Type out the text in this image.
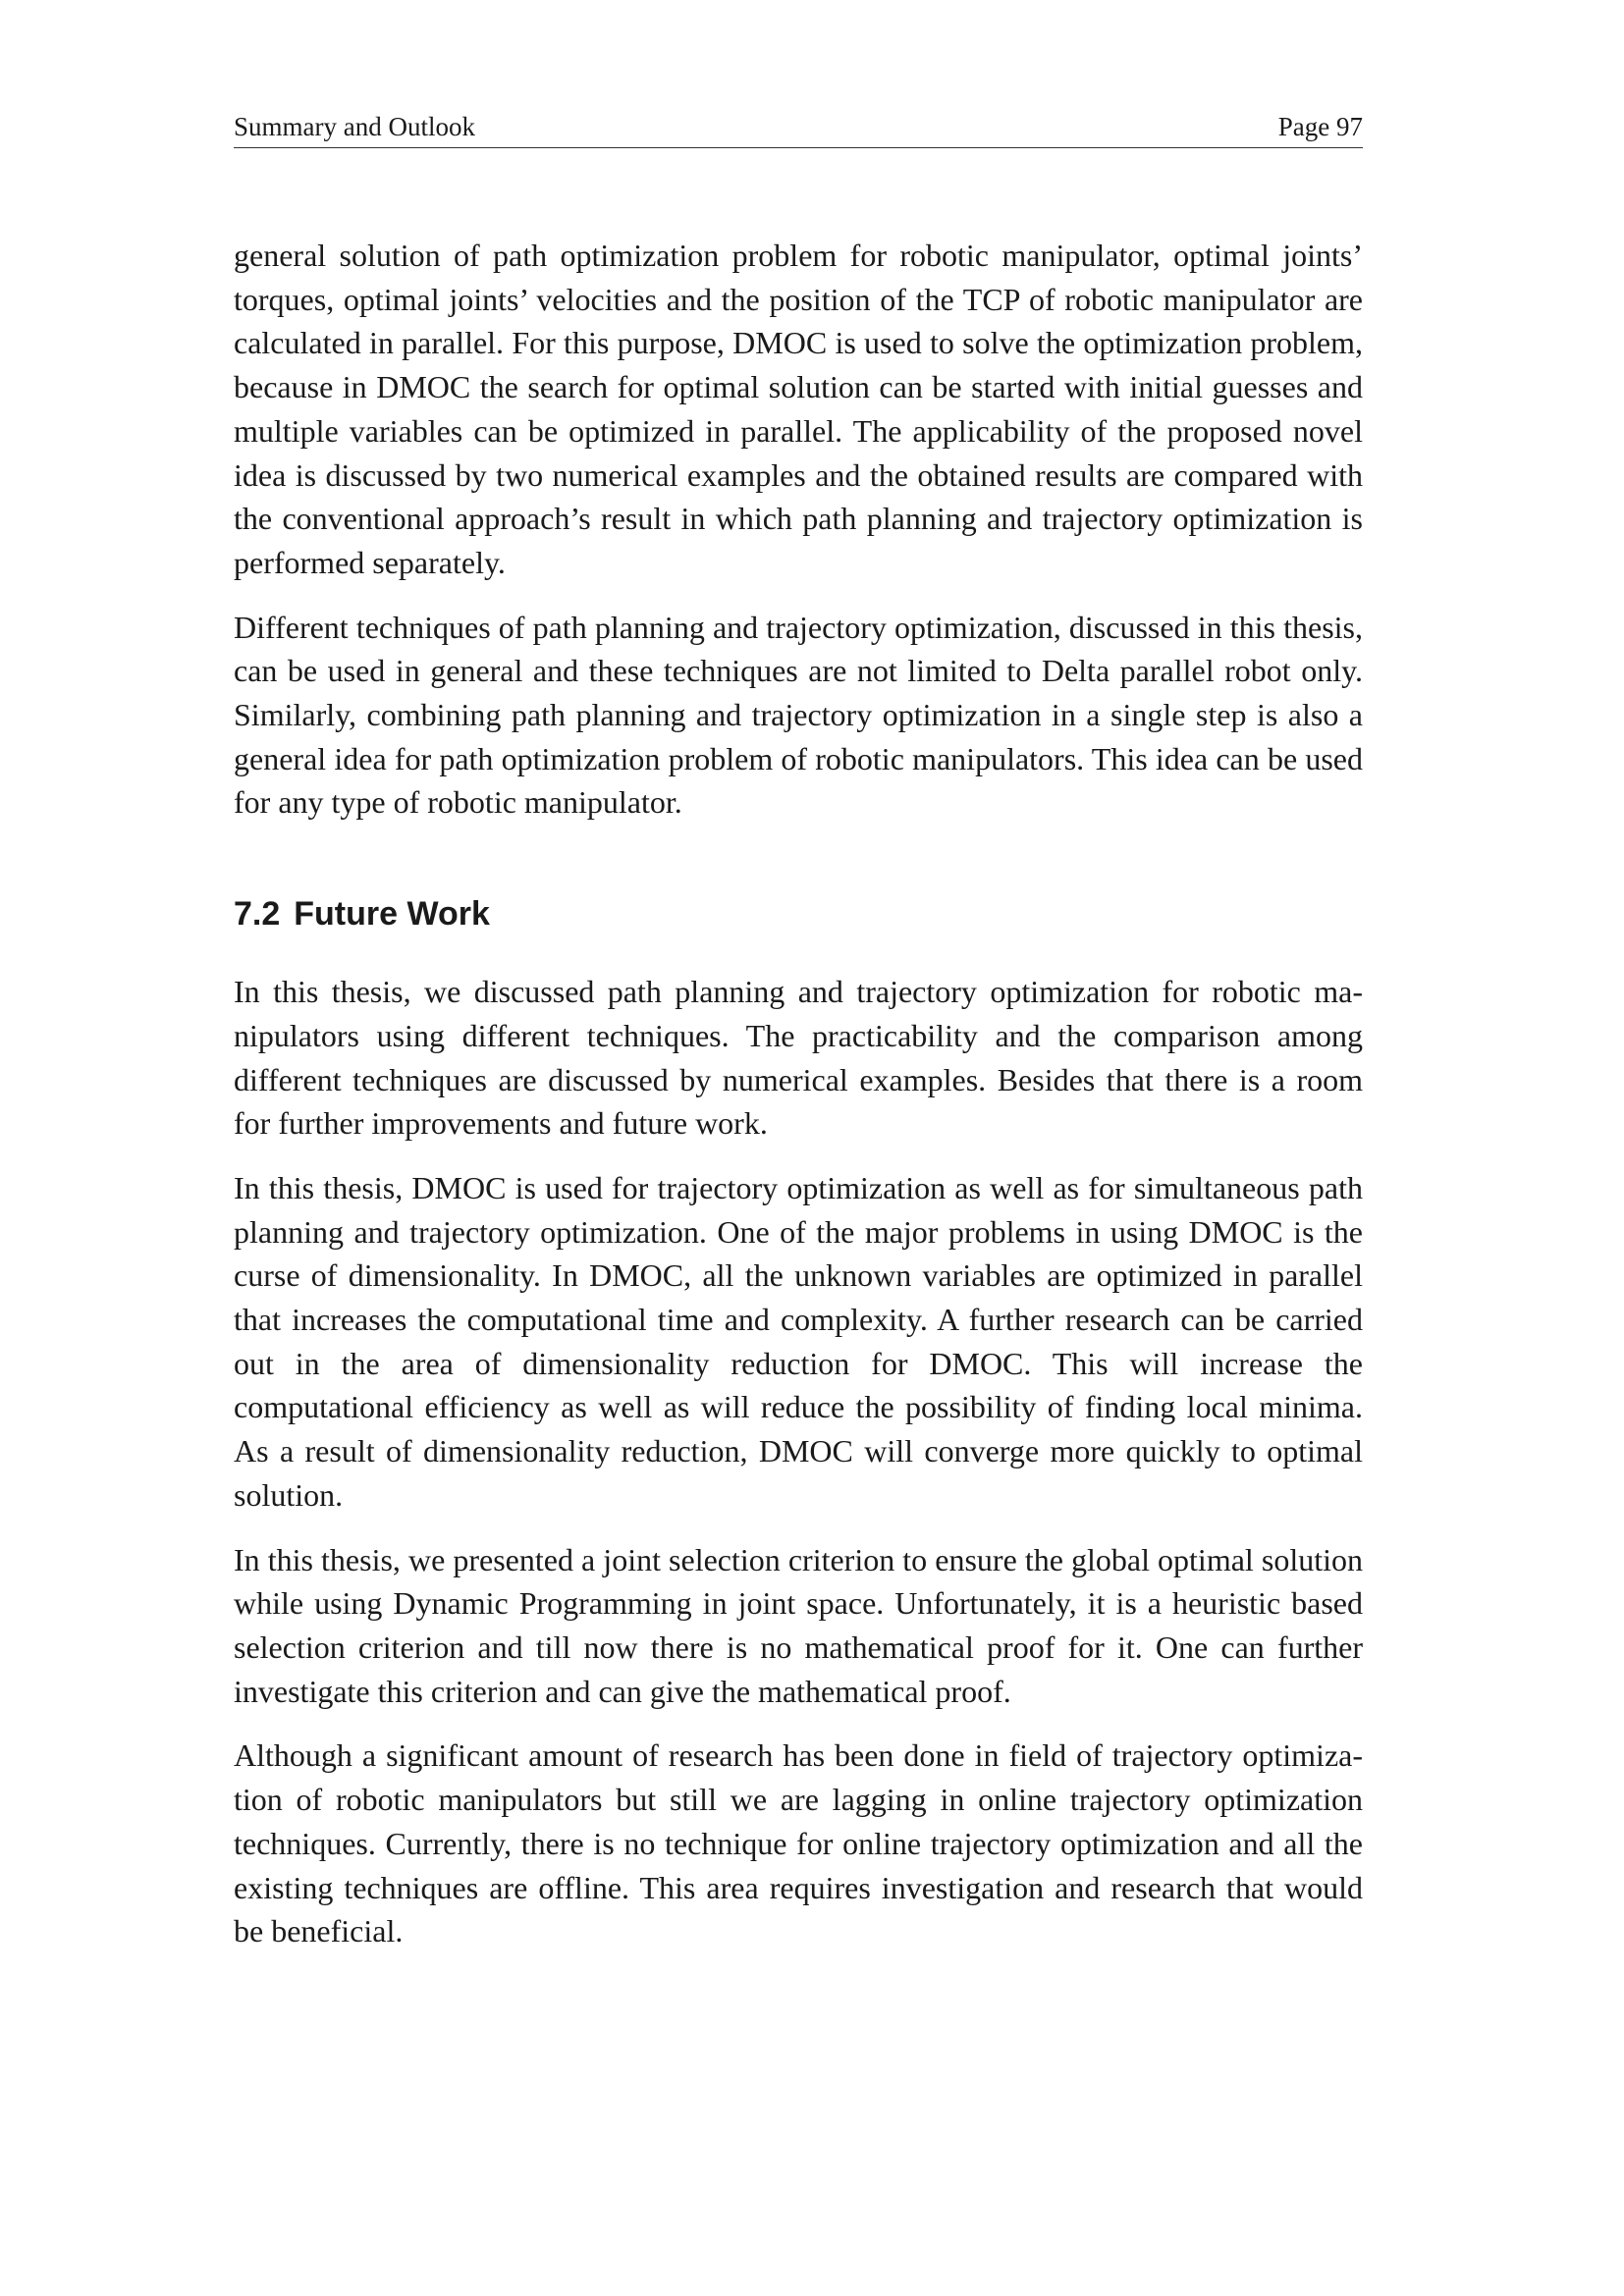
Summary and Outlook	Page 97

general solution of path optimization problem for robotic manipulator, optimal joints’ torques, optimal joints’ velocities and the position of the TCP of robotic manipulator are calculated in parallel. For this purpose, DMOC is used to solve the optimization problem, because in DMOC the search for optimal solution can be started with initial guesses and multiple variables can be optimized in parallel. The applicability of the proposed novel idea is discussed by two numerical examples and the obtained results are compared with the conventional approach’s result in which path planning and trajectory optimization is performed separately.

Different techniques of path planning and trajectory optimization, discussed in this thesis, can be used in general and these techniques are not limited to Delta parallel robot only. Similarly, combining path planning and trajectory optimization in a single step is also a general idea for path optimization problem of robotic manipulators. This idea can be used for any type of robotic manipulator.

7.2 Future Work

In this thesis, we discussed path planning and trajectory optimization for robotic manipulators using different techniques. The practicability and the comparison among different techniques are discussed by numerical examples. Besides that there is a room for further improvements and future work.

In this thesis, DMOC is used for trajectory optimization as well as for simultaneous path planning and trajectory optimization. One of the major problems in using DMOC is the curse of dimensionality. In DMOC, all the unknown variables are optimized in parallel that increases the computational time and complexity. A further research can be carried out in the area of dimensionality reduction for DMOC. This will increase the computational efficiency as well as will reduce the possibility of finding local minima. As a result of dimensionality reduction, DMOC will converge more quickly to optimal solution.

In this thesis, we presented a joint selection criterion to ensure the global optimal solution while using Dynamic Programming in joint space. Unfortunately, it is a heuristic based selection criterion and till now there is no mathematical proof for it. One can further investigate this criterion and can give the mathematical proof.

Although a significant amount of research has been done in field of trajectory optimization of robotic manipulators but still we are lagging in online trajectory optimization techniques. Currently, there is no technique for online trajectory optimization and all the existing techniques are offline. This area requires investigation and research that would be beneficial.
